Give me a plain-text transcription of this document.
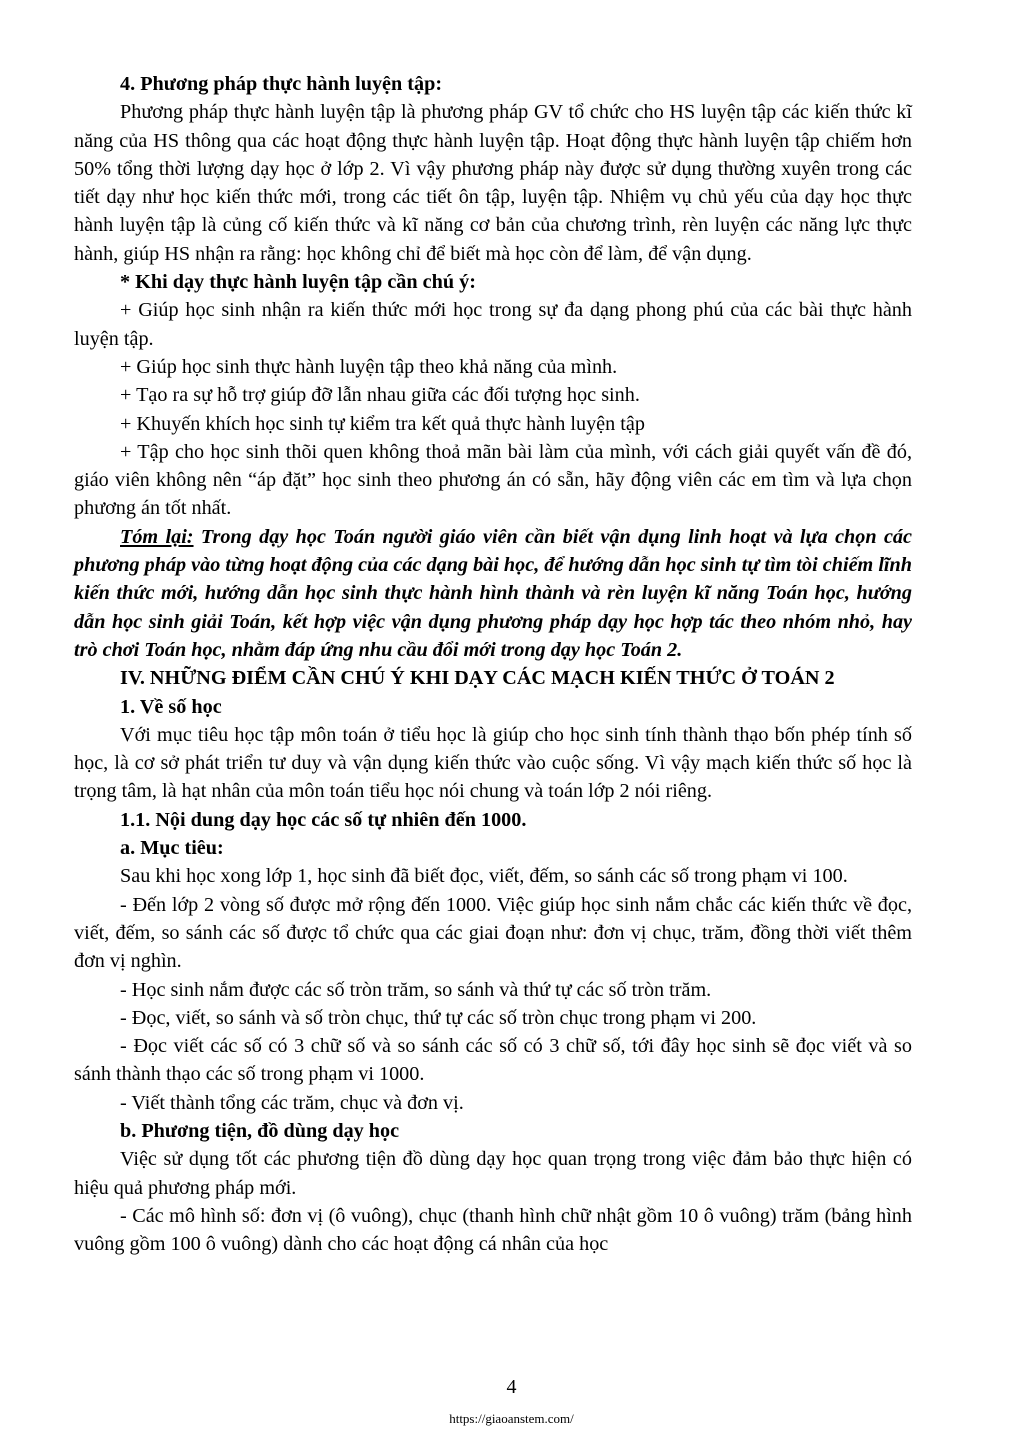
4. Phương pháp thực hành luyện tập:

Phương pháp thực hành luyện tập là phương pháp GV tổ chức cho HS luyện tập các kiến thức kĩ năng của HS thông qua các hoạt động thực hành luyện tập. Hoạt động thực hành luyện tập chiếm hơn 50% tổng thời lượng dạy học ở lớp 2. Vì vậy phương pháp này được sử dụng thường xuyên trong các tiết dạy như học kiến thức mới, trong các tiết ôn tập, luyện tập. Nhiệm vụ chủ yếu của dạy học thực hành luyện tập là củng cố kiến thức và kĩ năng cơ bản của chương trình, rèn luyện các năng lực thực hành, giúp HS nhận ra rằng: học không chỉ để biết mà học còn để làm, để vận dụng.

* Khi dạy thực hành luyện tập cần chú ý:

+ Giúp học sinh nhận ra kiến thức mới học trong sự đa dạng phong phú của các bài thực hành luyện tập.

+ Giúp học sinh thực hành luyện tập theo khả năng của mình.

+ Tạo ra sự hỗ trợ giúp đỡ lẫn nhau giữa các đối tượng học sinh.

+ Khuyến khích học sinh tự kiểm tra kết quả thực hành luyện tập

+ Tập cho học sinh thõi quen không thoả mãn bài làm của mình, với cách giải quyết vấn đề đó, giáo viên không nên “áp đặt” học sinh theo phương án có sẵn, hãy động viên các em tìm và lựa chọn phương án tốt nhất.

Tóm lại: Trong dạy học Toán người giáo viên cần biết vận dụng linh hoạt và lựa chọn các phương pháp vào từng hoạt động của các dạng bài học, để hướng dẫn học sinh tự tìm tòi chiếm lĩnh kiến thức mới, hướng dẫn học sinh thực hành hình thành và rèn luyện kĩ năng Toán học, hướng dẫn học sinh giải Toán, kết hợp việc vận dụng phương pháp dạy học hợp tác theo nhóm nhỏ, hay trò chơi Toán học, nhằm đáp ứng nhu cầu đổi mới trong dạy học Toán 2.

IV. NHỮNG ĐIỂM CẦN CHÚ Ý KHI DẠY CÁC MẠCH KIẾN THỨC Ở TOÁN 2

1. Về số học

Với mục tiêu học tập môn toán ở tiểu học là giúp cho học sinh tính thành thạo bốn phép tính số học, là cơ sở phát triển tư duy và vận dụng kiến thức vào cuộc sống. Vì vậy mạch kiến thức số học là trọng tâm, là hạt nhân của môn toán tiểu học nói chung và toán lớp 2 nói riêng.

1.1. Nội dung dạy học các số tự nhiên đến 1000.

a. Mục tiêu:

Sau khi học xong lớp 1, học sinh đã biết đọc, viết, đếm, so sánh các số trong phạm vi 100.

- Đến lớp 2 vòng số được mở rộng đến 1000. Việc giúp học sinh nắm chắc các kiến thức về đọc, viết, đếm, so sánh các số được tổ chức qua các giai đoạn như: đơn vị chục, trăm, đồng thời viết thêm đơn vị nghìn.

- Học sinh nắm được các số tròn trăm, so sánh và thứ tự các số tròn trăm.

- Đọc, viết, so sánh và số tròn chục, thứ tự các số tròn chục trong phạm vi 200.

- Đọc viết các số có 3 chữ số và so sánh các số có 3 chữ số, tới đây học sinh sẽ đọc viết và so sánh thành thạo các số trong phạm vi 1000.

- Viết thành tổng các trăm, chục và đơn vị.

b. Phương tiện, đồ dùng dạy học

Việc sử dụng tốt các phương tiện đồ dùng dạy học quan trọng trong việc đảm bảo thực hiện có hiệu quả phương pháp mới.

- Các mô hình số: đơn vị (ô vuông), chục (thanh hình chữ nhật gồm 10 ô vuông) trăm (bảng hình vuông gồm 100 ô vuông) dành cho các hoạt động cá nhân của học

4
https://giaoanstem.com/
